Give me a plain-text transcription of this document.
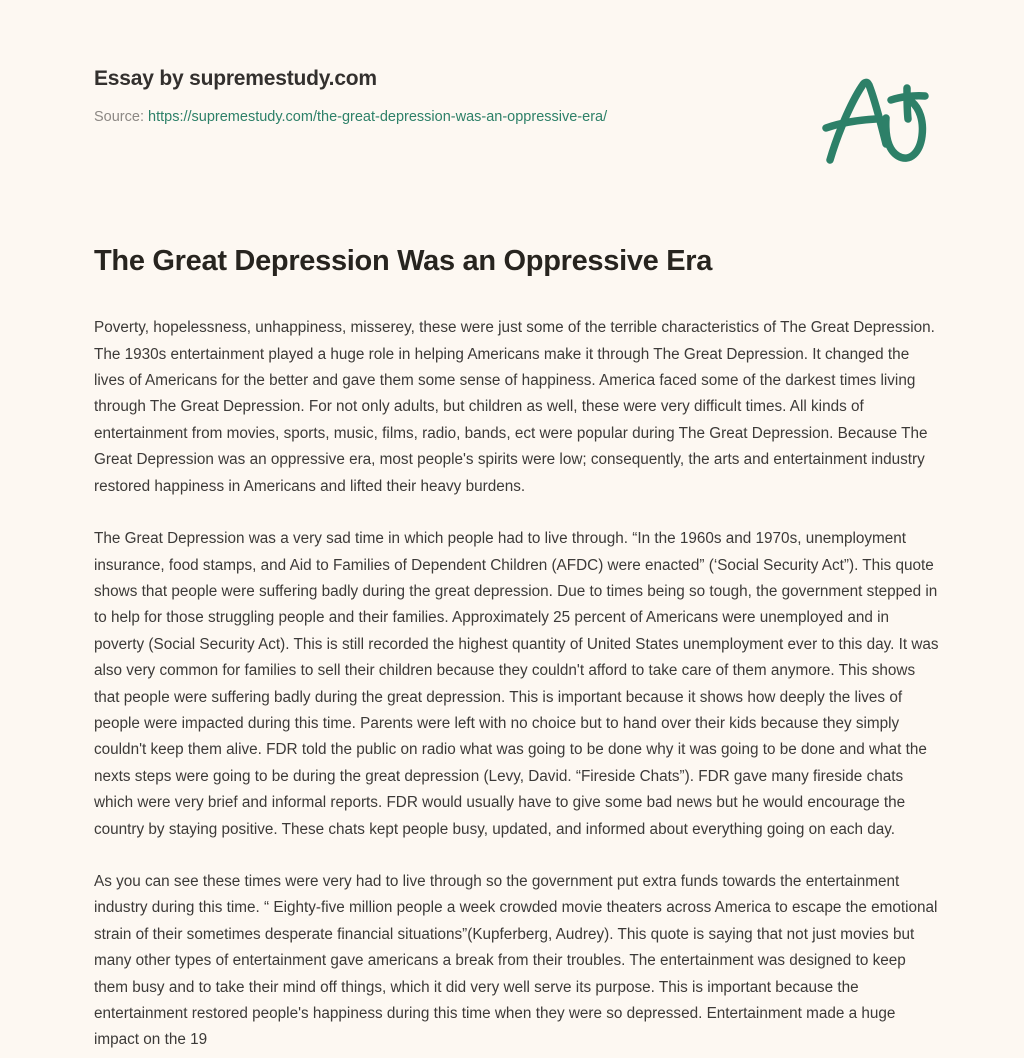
Essay by supremestudy.com
Source: https://supremestudy.com/the-great-depression-was-an-oppressive-era/
The Great Depression Was an Oppressive Era

Poverty, hopelessness, unhappiness, misserey, these were just some of the terrible characteristics of The Great Depression. The 1930s entertainment played a huge role in helping Americans make it through The Great Depression. It changed the lives of Americans for the better and gave them some sense of happiness. America faced some of the darkest times living through The Great Depression. For not only adults, but children as well, these were very difficult times. All kinds of entertainment from movies, sports, music, films, radio, bands, ect were popular during The Great Depression. Because The Great Depression was an oppressive era, most people's spirits were low; consequently, the arts and entertainment industry restored happiness in Americans and lifted their heavy burdens.

The Great Depression was a very sad time in which people had to live through. “In the 1960s and 1970s, unemployment insurance, food stamps, and Aid to Families of Dependent Children (AFDC) were enacted” (‘Social Security Act”). This quote shows that people were suffering badly during the great depression. Due to times being so tough, the government stepped in to help for those struggling people and their families. Approximately 25 percent of Americans were unemployed and in poverty (Social Security Act). This is still recorded the highest quantity of United States unemployment ever to this day. It was also very common for families to sell their children because they couldn't afford to take care of them anymore. This shows that people were suffering badly during the great depression. This is important because it shows how deeply the lives of people were impacted during this time. Parents were left with no choice but to hand over their kids because they simply couldn't keep them alive. FDR told the public on radio what was going to be done why it was going to be done and what the nexts steps were going to be during the great depression (Levy, David. “Fireside Chats”). FDR gave many fireside chats which were very brief and informal reports. FDR would usually have to give some bad news but he would encourage the country by staying positive. These chats kept people busy, updated, and informed about everything going on each day.

As you can see these times were very had to live through so the government put extra funds towards the entertainment industry during this time. “ Eighty-five million people a week crowded movie theaters across America to escape the emotional strain of their sometimes desperate financial situations”(Kupferberg, Audrey). This quote is saying that not just movies but many other types of entertainment gave americans a break from their troubles. The entertainment was designed to keep them busy and to take their mind off things, which it did very well serve its purpose. This is important because the entertainment restored people's happiness during this time when they were so depressed. Entertainment made a huge impact on the 19
